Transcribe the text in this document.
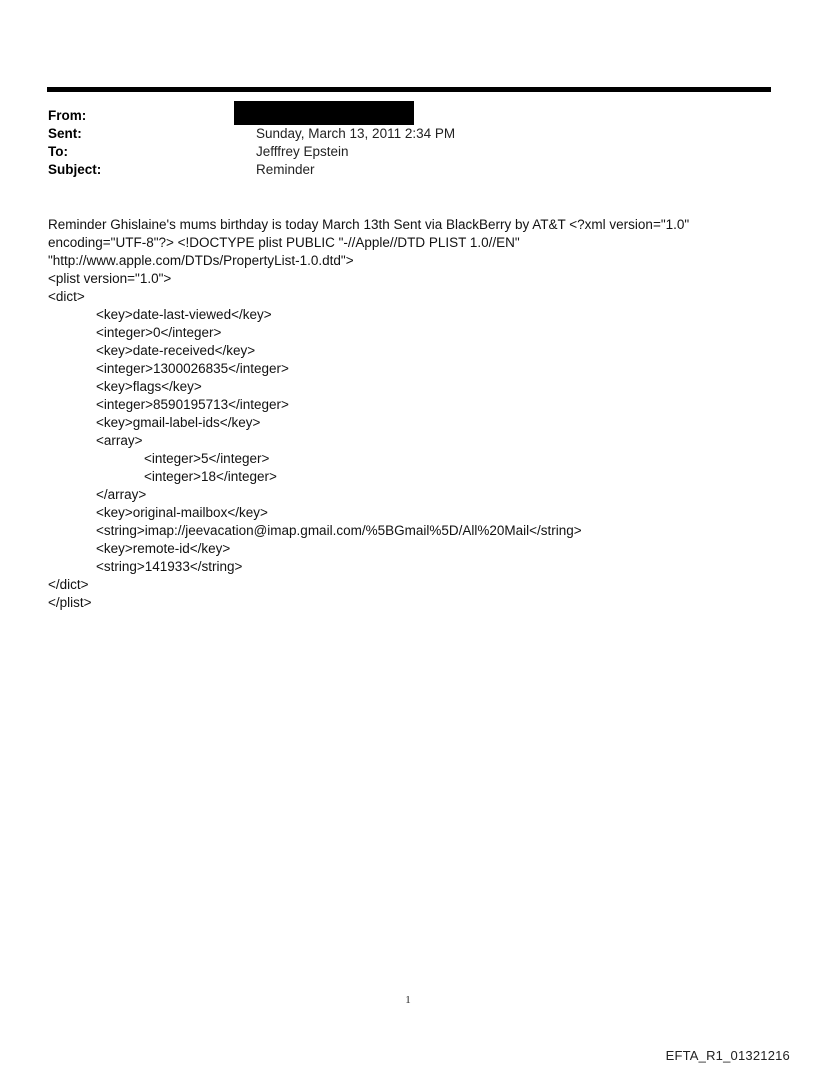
From:
Sent:	Sunday, March 13, 2011 2:34 PM
To:	Jefffrey Epstein
Subject:	Reminder
Reminder Ghislaine's mums birthday is today March 13th Sent via BlackBerry by AT&T <?xml version="1.0"
encoding="UTF-8"?> <!DOCTYPE plist PUBLIC "-//Apple//DTD PLIST 1.0//EN"
"http://www.apple.com/DTDs/PropertyList-1.0.dtd">
<plist version="1.0">
<dict>
<key>date-last-viewed</key>
<integer>0</integer>
<key>date-received</key>
<integer>1300026835</integer>
<key>flags</key>
<integer>8590195713</integer>
<key>gmail-label-ids</key>
<array>
<integer>5</integer>
<integer>18</integer>
</array>
<key>original-mailbox</key>
<string>imap://jeevacation@imap.gmail.com/%5BGmail%5D/All%20Mail</string>
<key>remote-id</key>
<string>141933</string>
</dict>
</plist>
1
EFTA_R1_01321216
